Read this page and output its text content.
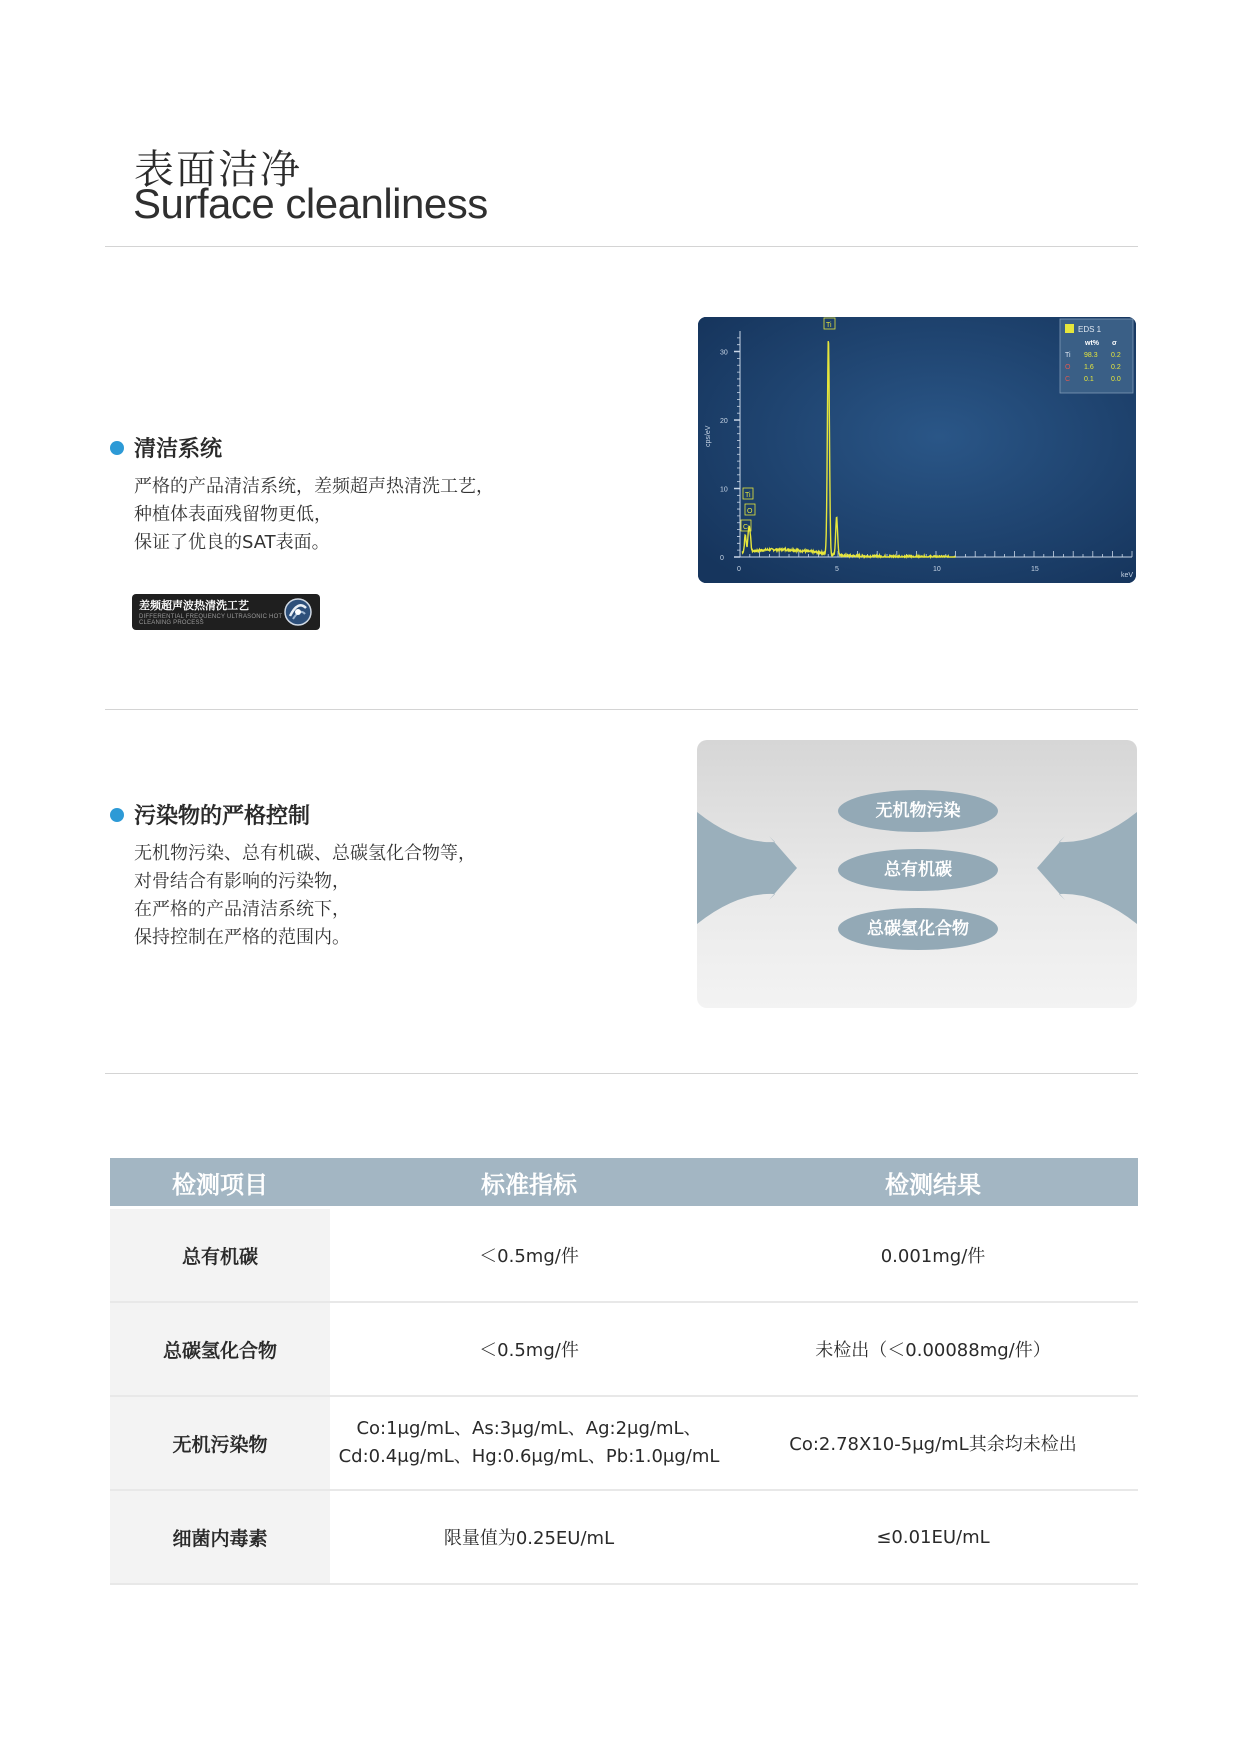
表面洁净
Surface cleanliness
清洁系统
严格的产品清洁系统，差频超声热清洗工艺，
种植体表面残留物更低，
保证了优良的SAT表面。
差频超声波热清洗工艺
DIFFERENTIAL FREQUENCY ULTRASONIC HOT
CLEANING PROCESS
30
20
10
0
0	5	10	15
cps/eV
keV
Ti
Ti
O
C
EDS 1
wt% σ
Ti 98.3 0.2
O 1.6 0.2
C 0.1 0.0
污染物的严格控制
无机物污染、总有机碳、总碳氢化合物等，
对骨结合有影响的污染物，
在严格的产品清洁系统下，
保持控制在严格的范围内。
无机物污染
总有机碳
总碳氢化合物
检测项目	标准指标	检测结果
总有机碳	＜0.5mg/件	0.001mg/件
总碳氢化合物	＜0.5mg/件	未检出（＜0.00088mg/件）
无机污染物	Co:1μg/mL、As:3μg/mL、Ag:2μg/mL、
Cd:0.4μg/mL、Hg:0.6μg/mL、Pb:1.0μg/mL	Co:2.78X10-5μg/mL其余均未检出
细菌内毒素	限量值为0.25EU/mL	≤0.01EU/mL
